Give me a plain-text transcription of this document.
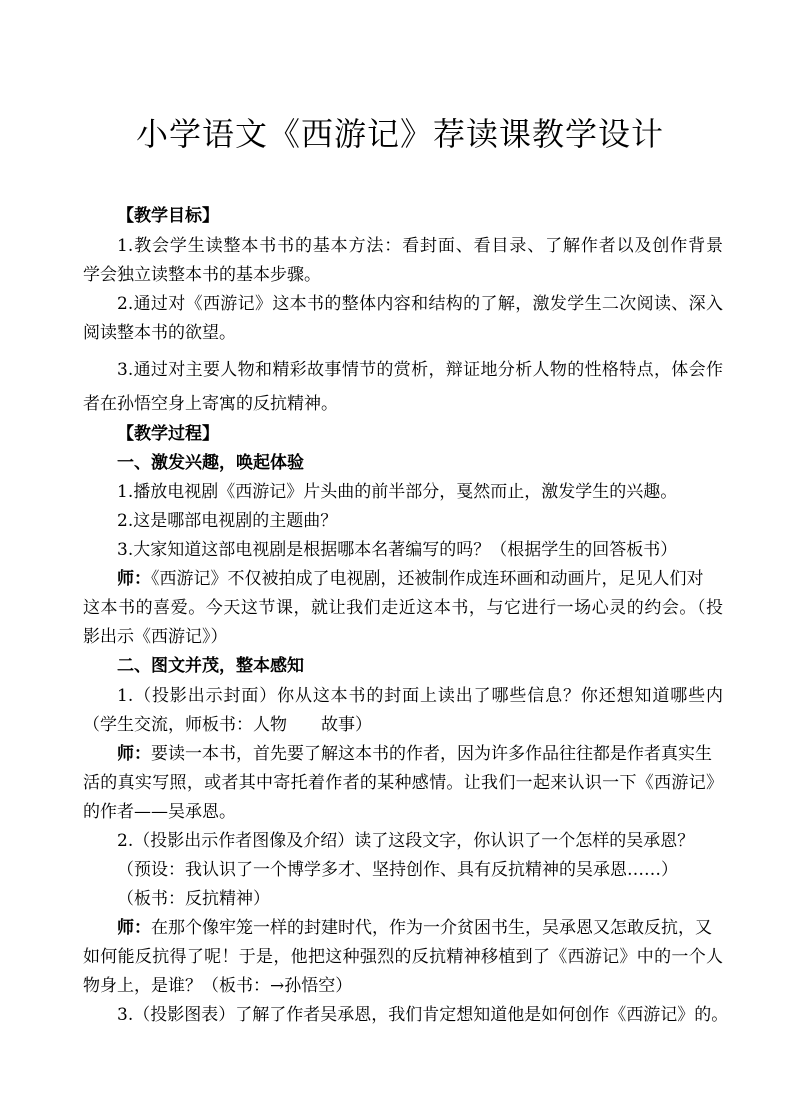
小学语文《西游记》荐读课教学设计
【教学目标】
1.教会学生读整本书书的基本方法：看封面、看目录、了解作者以及创作背景
学会独立读整本书的基本步骤。
2.通过对《西游记》这本书的整体内容和结构的了解，激发学生二次阅读、深入
阅读整本书的欲望。
3.通过对主要人物和精彩故事情节的赏析，辩证地分析人物的性格特点，体会作
者在孙悟空身上寄寓的反抗精神。
【教学过程】
一、激发兴趣，唤起体验
1.播放电视剧《西游记》片头曲的前半部分，戛然而止，激发学生的兴趣。
2.这是哪部电视剧的主题曲？
3.大家知道这部电视剧是根据哪本名著编写的吗？（根据学生的回答板书）
师：《西游记》不仅被拍成了电视剧，还被制作成连环画和动画片，足见人们对
这本书的喜爱。今天这节课，就让我们走近这本书，与它进行一场心灵的约会。（投
影出示《西游记》）
二、图文并茂，整本感知
1.（投影出示封面）你从这本书的封面上读出了哪些信息？你还想知道哪些内
（学生交流，师板书：人物　　故事）
师：要读一本书，首先要了解这本书的作者，因为许多作品往往都是作者真实生
活的真实写照，或者其中寄托着作者的某种感情。让我们一起来认识一下《西游记》
的作者——吴承恩。
2.（投影出示作者图像及介绍）读了这段文字，你认识了一个怎样的吴承恩？
（预设：我认识了一个博学多才、坚持创作、具有反抗精神的吴承恩……）
（板书：反抗精神）
师：在那个像牢笼一样的封建时代，作为一介贫困书生，吴承恩又怎敢反抗，又
如何能反抗得了呢！于是，他把这种强烈的反抗精神移植到了《西游记》中的一个人
物身上，是谁？（板书：→孙悟空）
3.（投影图表）了解了作者吴承恩，我们肯定想知道他是如何创作《西游记》的。
